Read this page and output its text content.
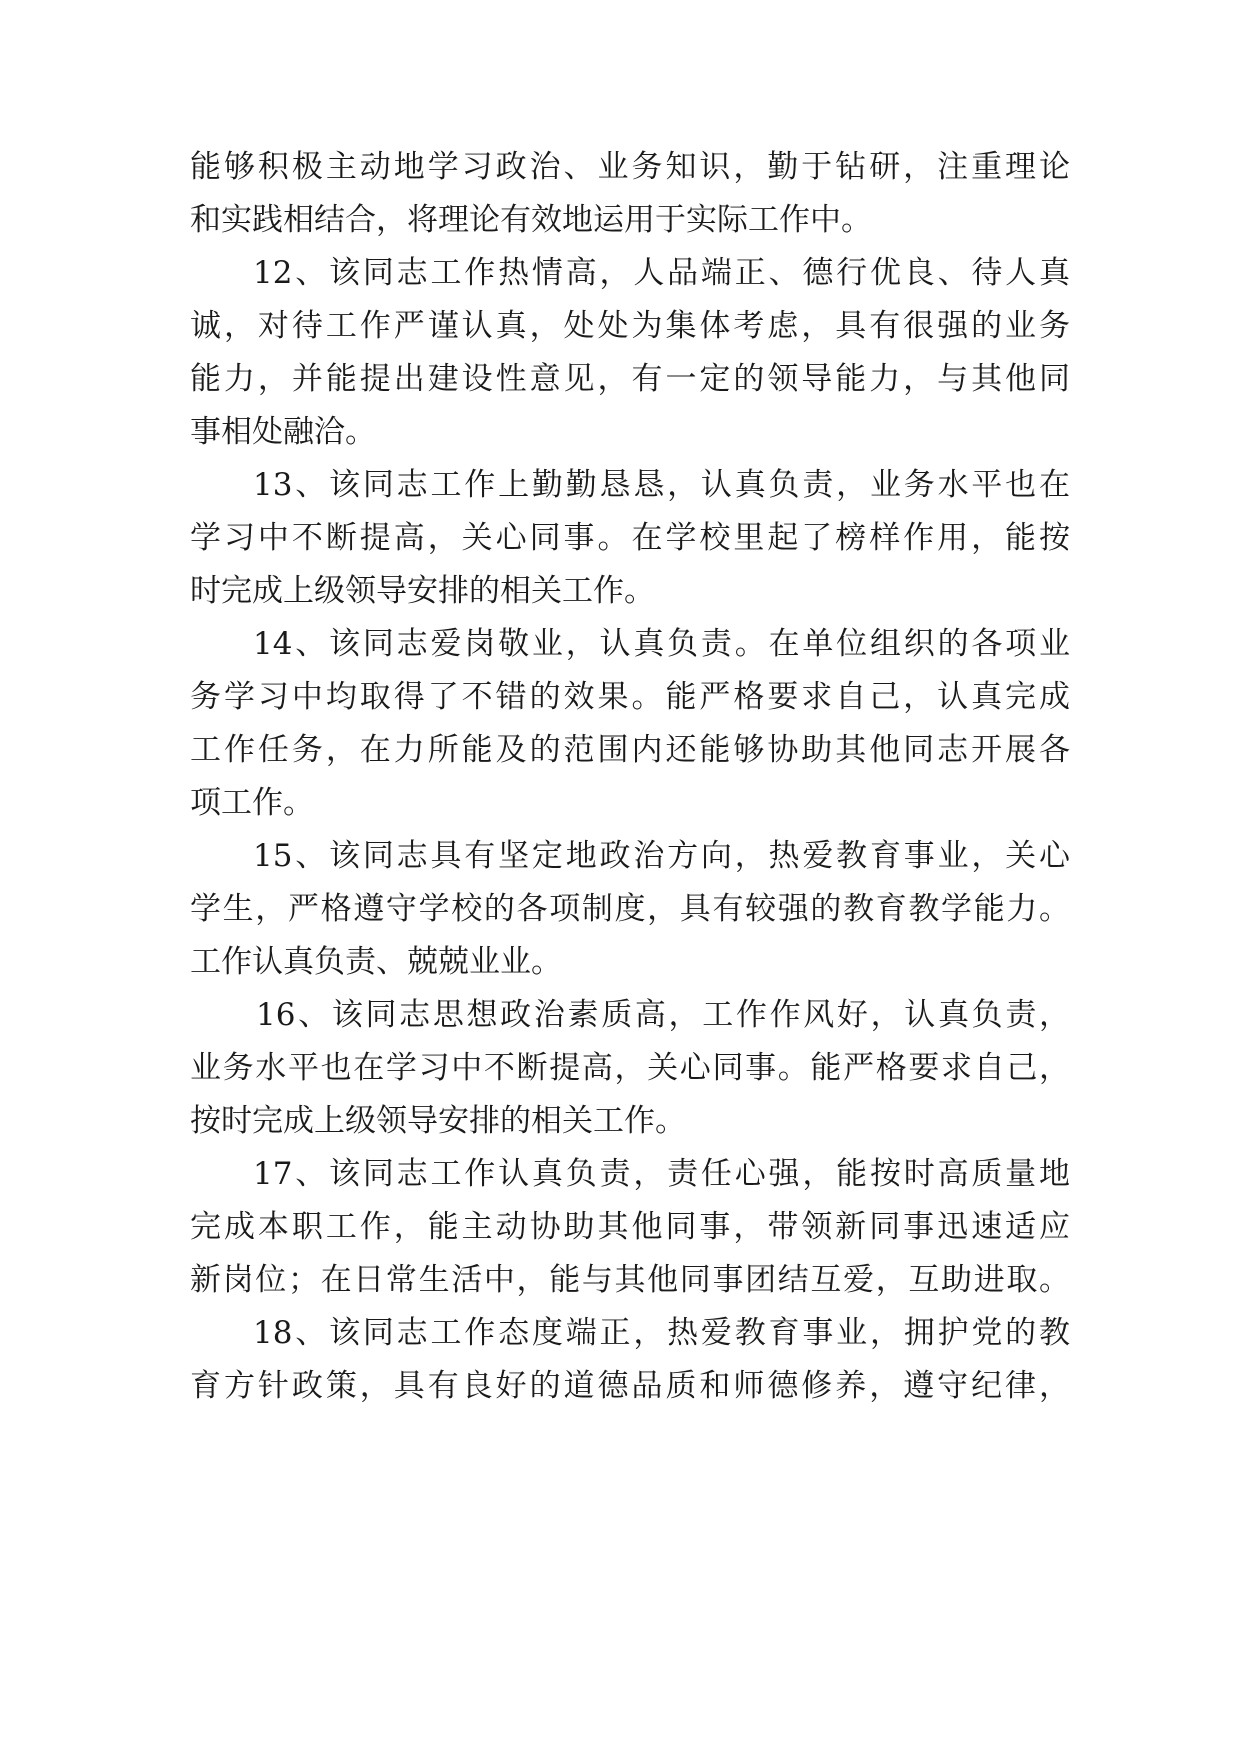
能够积极主动地学习政治、业务知识，勤于钻研，注重理论
和实践相结合，将理论有效地运用于实际工作中。
12、该同志工作热情高，人品端正、德行优良、待人真
诚，对待工作严谨认真，处处为集体考虑，具有很强的业务
能力，并能提出建设性意见，有一定的领导能力，与其他同
事相处融洽。
13、该同志工作上勤勤恳恳，认真负责，业务水平也在
学习中不断提高，关心同事。在学校里起了榜样作用，能按
时完成上级领导安排的相关工作。
14、该同志爱岗敬业，认真负责。在单位组织的各项业
务学习中均取得了不错的效果。能严格要求自己，认真完成
工作任务，在力所能及的范围内还能够协助其他同志开展各
项工作。
15、该同志具有坚定地政治方向，热爱教育事业，关心
学生，严格遵守学校的各项制度，具有较强的教育教学能力。
工作认真负责、兢兢业业。
16、该同志思想政治素质高，工作作风好，认真负责，
业务水平也在学习中不断提高，关心同事。能严格要求自己，
按时完成上级领导安排的相关工作。
17、该同志工作认真负责，责任心强，能按时高质量地
完成本职工作，能主动协助其他同事，带领新同事迅速适应
新岗位；在日常生活中，能与其他同事团结互爱，互助进取。
18、该同志工作态度端正，热爱教育事业，拥护党的教
育方针政策，具有良好的道德品质和师德修养，遵守纪律，
